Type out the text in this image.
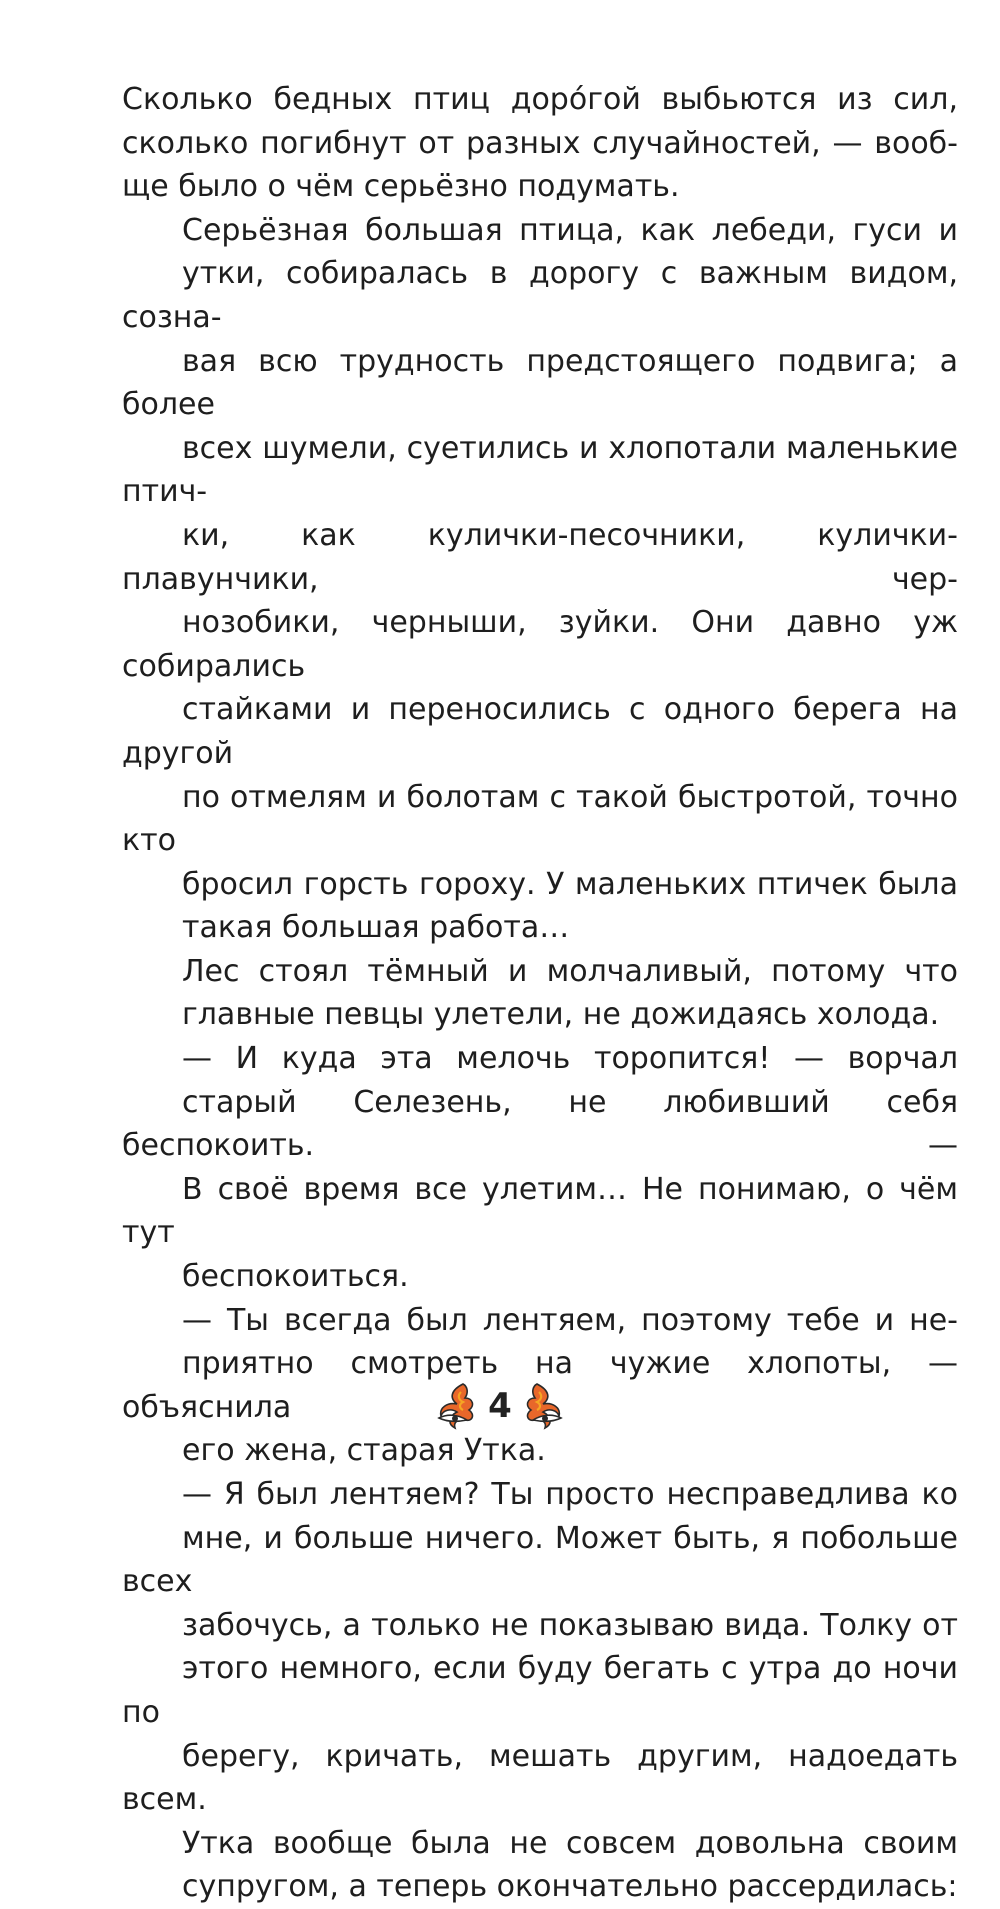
Сколько бедных птиц доро́гой выбьются из сил,
сколько погибнут от разных случайностей, — вооб-
ще было о чём серьёзно подумать.
Серьёзная большая птица, как лебеди, гуси и
утки, собиралась в дорогу с важным видом, созна-
вая всю трудность предстоящего подвига; а более
всех шумели, суетились и хлопотали маленькие птич-
ки, как кулички-песочники, кулички-плавунчики, чер-
нозобики, черныши, зуйки. Они давно уж собирались
стайками и переносились с одного берега на другой
по отмелям и болотам с такой быстротой, точно кто
бросил горсть гороху. У маленьких птичек была
такая большая работа…
Лес стоял тёмный и молчаливый, потому что
главные певцы улетели, не дожидаясь холода.
— И куда эта мелочь торопится! — ворчал
старый Селезень, не любивший себя беспокоить. —
В своё время все улетим… Не понимаю, о чём тут
беспокоиться.
— Ты всегда был лентяем, поэтому тебе и не-
приятно смотреть на чужие хлопоты, — объяснила
его жена, старая Утка.
— Я был лентяем? Ты просто несправедлива ко
мне, и больше ничего. Может быть, я побольше всех
забочусь, а только не показываю вида. Толку от
этого немного, если буду бегать с утра до ночи по
берегу, кричать, мешать другим, надоедать всем.
Утка вообще была не совсем довольна своим
супругом, а теперь окончательно рассердилась:
4
